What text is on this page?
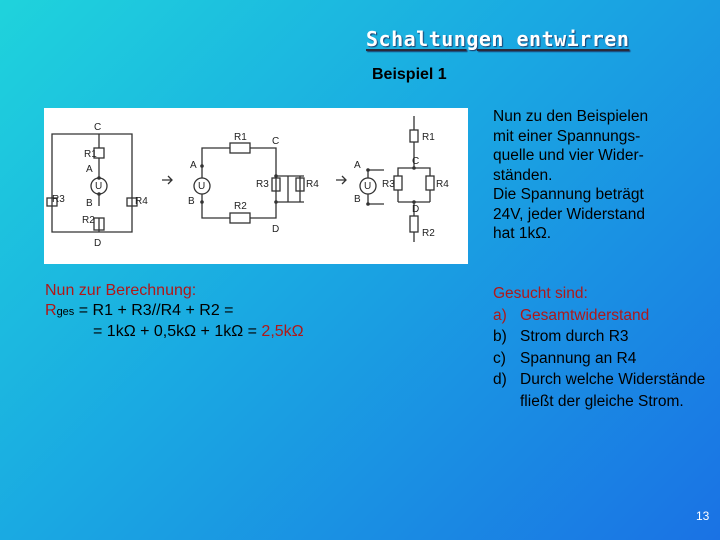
Schaltungen entwirren
Beispiel 1
C
R1
A
U
R3	R4
B
R2
D
R1	C
A
U
B
R3	R4
R2
D
R1
A	C
U R3	R4
B
D
R2
Nun zu den Beispielen
mit einer Spannungs-
quelle und vier Wider-
ständen.
Die Spannung beträgt
24V, jeder Widerstand
hat 1kΩ.
Nun zur Berechnung:
Rges = R1 + R3//R4 + R2 =
= 1kΩ + 0,5kΩ + 1kΩ = 2,5kΩ
Gesucht sind:
a) Gesamtwiderstand
b) Strom durch R3
c) Spannung an R4
d) Durch welche Widerstände fließt der gleiche Strom.
13
